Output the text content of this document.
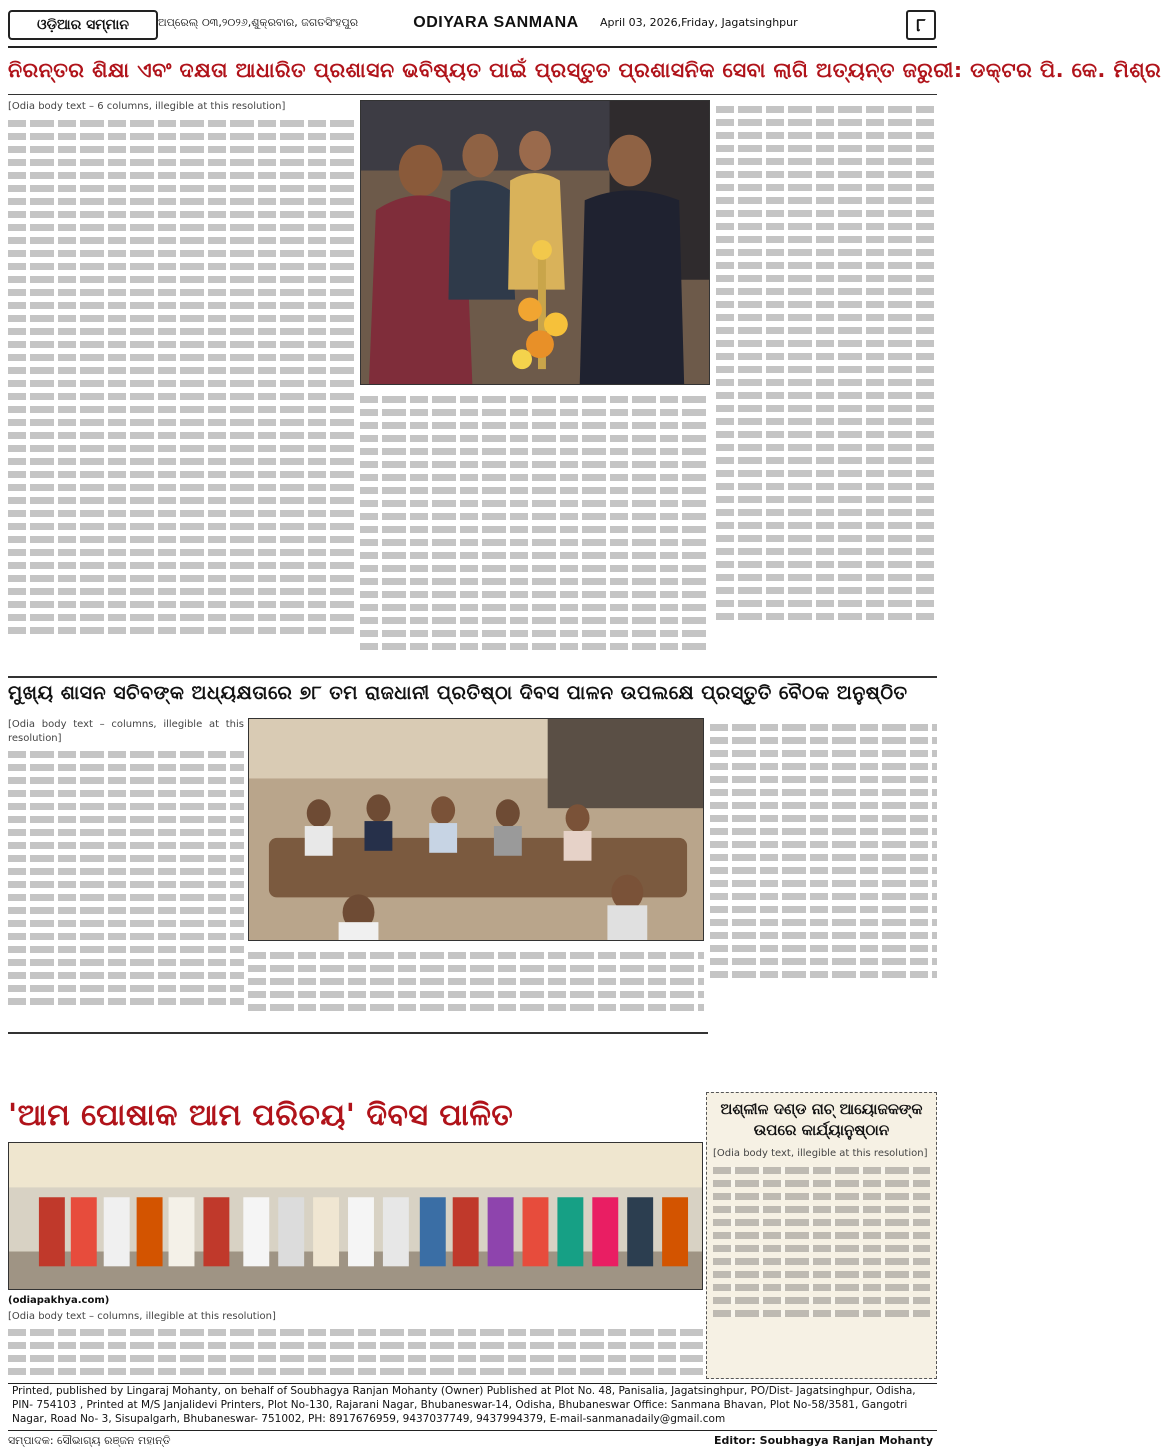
ଓଡ଼ିଆର ସମ୍ମାନ	ଅପ୍ରେଲ୍ ୦୩,୨୦୨୬,ଶୁକ୍ରବାର, ଜଗତସିଂହପୁର	ODIYARA SANMANA	April 03, 2026,Friday, Jagatsinghpur	୮
ନିରନ୍ତର ଶିକ୍ଷା ଏବଂ ଦକ୍ଷତା ଆଧାରିତ ପ୍ରଶାସନ ଭବିଷ୍ୟତ ପାଇଁ ପ୍ରସ୍ତୁତ ପ୍ରଶାସନିକ ସେବା ଲାଗି ଅତ୍ୟନ୍ତ ଜରୁରୀ: ଡକ୍ଟର ପି. କେ. ମିଶ୍ର
[Odia body text – 6 columns, illegible at this resolution]
ମୁଖ୍ୟ ଶାସନ ସଚିବଙ୍କ ଅଧ୍ୟକ୍ଷତାରେ ୭୮ ତମ ରାଜଧାନୀ ପ୍ରତିଷ୍ଠା ଦିବସ ପାଳନ ଉପଲକ୍ଷେ ପ୍ରସ୍ତୁତି ବୈଠକ ଅନୁଷ୍ଠିତ
[Odia body text – columns, illegible at this resolution]
'ଆମ ପୋଷାକ ଆମ ପରିଚୟ' ଦିବସ ପାଳିତ
(odiapakhya.com)
[Odia body text – columns, illegible at this resolution]
ଅଶ୍ଳୀଳ ଦଣ୍ଡ ନାଚ୍ ଆୟୋଜକଙ୍କ ଉପରେ କାର୍ଯ୍ୟାନୁଷ୍ଠାନ
[Odia body text, illegible at this resolution]

Printed, published by Lingaraj Mohanty, on behalf of Soubhagya Ranjan Mohanty (Owner) Published at Plot No. 48, Panisalia, Jagatsinghpur, PO/Dist- Jagatsinghpur, Odisha, PIN- 754103 , Printed at M/S Janjalidevi Printers, Plot No-130, Rajarani Nagar, Bhubaneswar-14, Odisha, Bhubaneswar Office: Sanmana Bhavan, Plot No-58/3581, Gangotri Nagar, Road No- 3, Sisupalgarh, Bhubaneswar- 751002, PH: 8917676959, 9437037749, 9437994379, E-mail-sanmanadaily@gmail.com

ସମ୍ପାଦକ: ସୌଭାଗ୍ୟ ରଞ୍ଜନ ମହାନ୍ତି	Editor: Soubhagya Ranjan Mohanty
